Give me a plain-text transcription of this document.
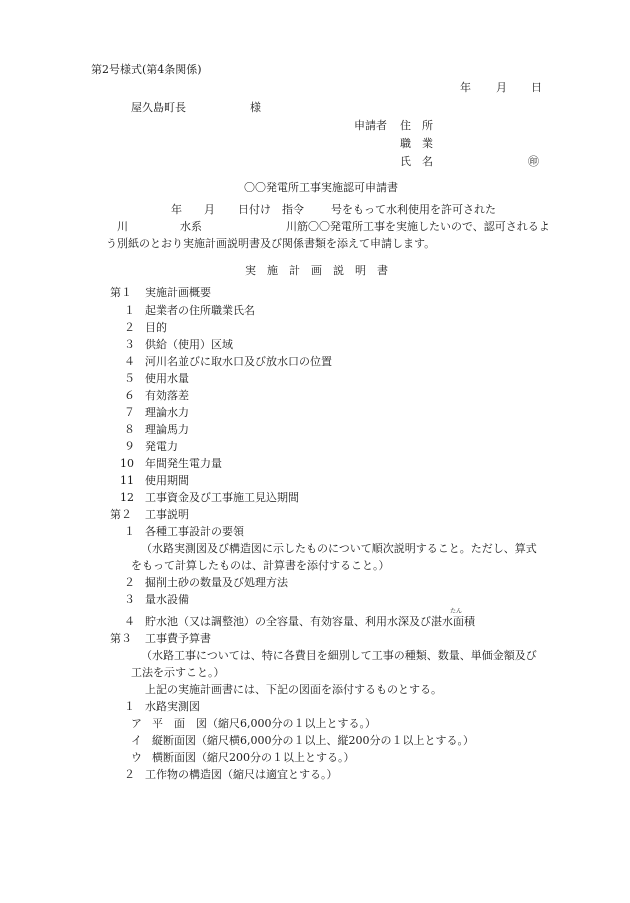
第2号様式(第4条関係)
年 月 日
屋久島町長	様
申請者 住　所
職　業
氏　名	㊞
〇〇発電所工事実施認可申請書
年 月 日付け　指令 号をもって水利使用を許可された
川	水系	川筋〇〇発電所工事を実施したいので、認可されるよ
う別紙のとおり実施計画説明書及び関係書類を添えて申請します。
実　施　計　画　説　明　書
第１ 実施計画概要
１ 起業者の住所職業氏名
２ 目的
３ 供給（使用）区域
４ 河川名並びに取水口及び放水口の位置
５ 使用水量
６ 有効落差
７ 理論水力
８ 理論馬力
９ 発電力
10 年間発生電力量
11 使用期間
12 工事資金及び工事施工見込期間
第２ 工事説明
１ 各種工事設計の要領
（水路実測図及び構造図に示したものについて順次説明すること。ただし、算式
をもって計算したものは、計算書を添付すること。）
２ 掘削土砂の数量及び処理方法
３ 量水設備
たん
４ 貯水池（又は調整池）の全容量、有効容量、利用水深及び湛水面積
第３ 工事費予算書
（水路工事については、特に各費目を細別して工事の種類、数量、単価金額及び
工法を示すこと。）
上記の実施計画書には、下記の図面を添付するものとする。
１ 水路実測図
ア 平　面　図（縮尺6,000分の１以上とする。）
イ 縦断面図（縮尺横6,000分の１以上、縦200分の１以上とする。）
ウ 横断面図（縮尺200分の１以上とする。）
２ 工作物の構造図（縮尺は適宜とする。）
